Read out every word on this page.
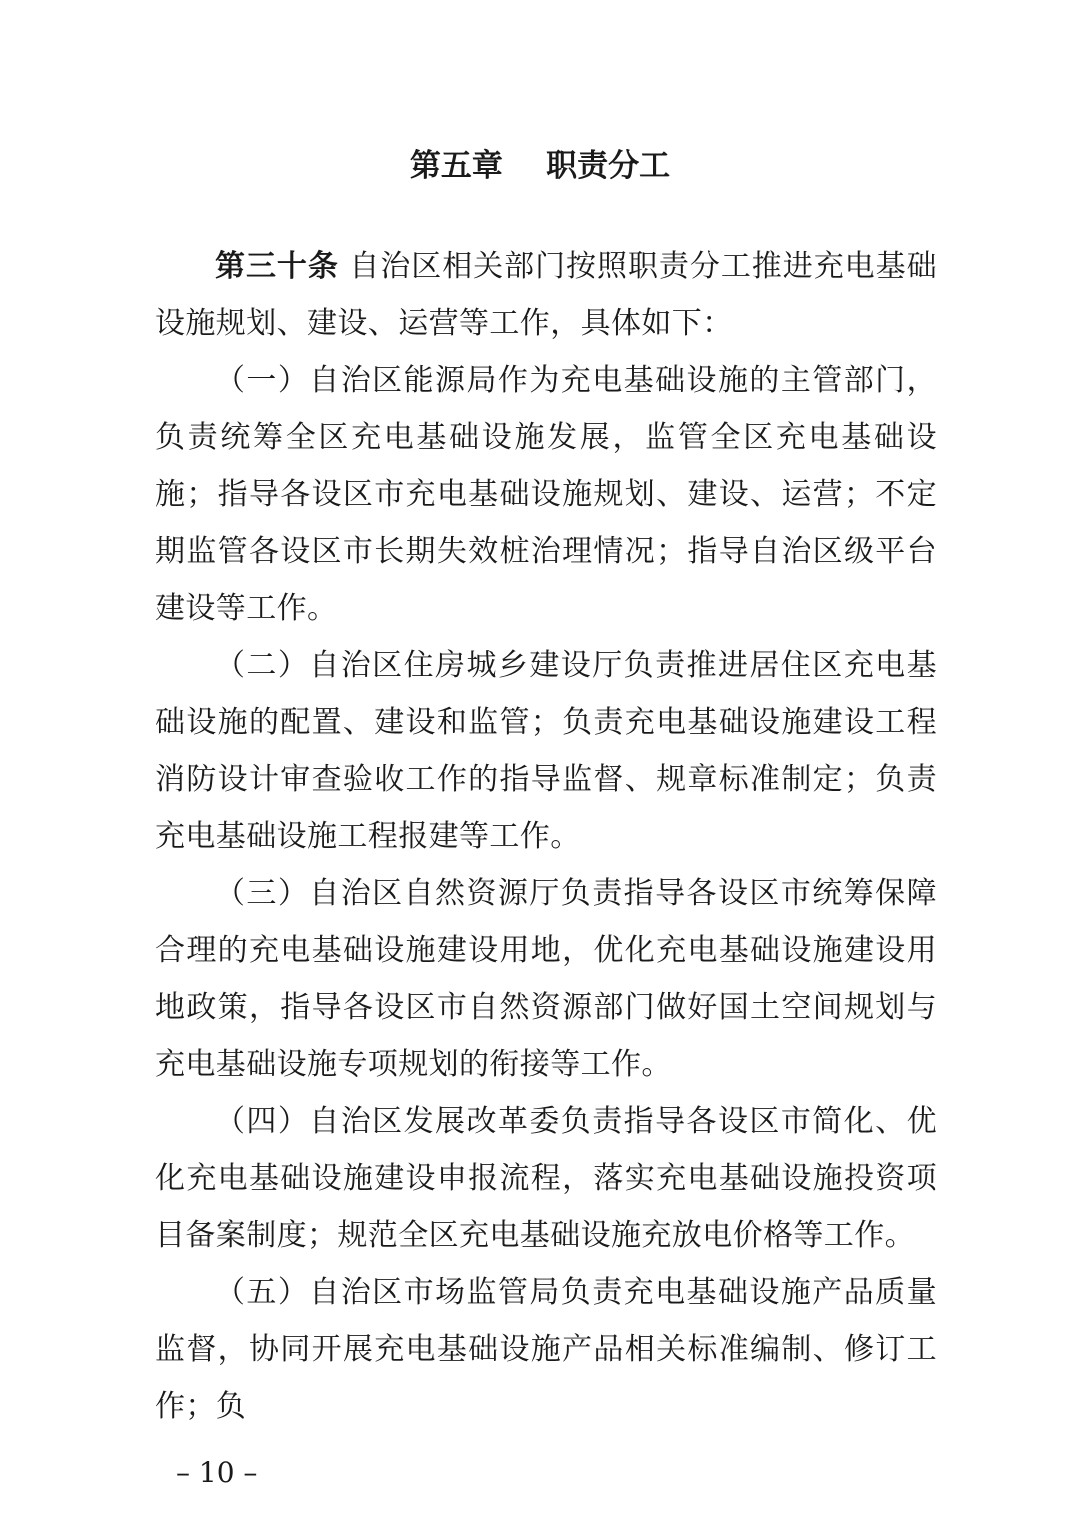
第五章    职责分工

第三十条 自治区相关部门按照职责分工推进充电基础设施规划、建设、运营等工作，具体如下：

（一）自治区能源局作为充电基础设施的主管部门，负责统筹全区充电基础设施发展，监管全区充电基础设施；指导各设区市充电基础设施规划、建设、运营；不定期监管各设区市长期失效桩治理情况；指导自治区级平台建设等工作。

（二）自治区住房城乡建设厅负责推进居住区充电基础设施的配置、建设和监管；负责充电基础设施建设工程消防设计审查验收工作的指导监督、规章标准制定；负责充电基础设施工程报建等工作。

（三）自治区自然资源厅负责指导各设区市统筹保障合理的充电基础设施建设用地，优化充电基础设施建设用地政策，指导各设区市自然资源部门做好国土空间规划与充电基础设施专项规划的衔接等工作。

（四）自治区发展改革委负责指导各设区市简化、优化充电基础设施建设申报流程，落实充电基础设施投资项目备案制度；规范全区充电基础设施充放电价格等工作。

（五）自治区市场监管局负责充电基础设施产品质量监督，协同开展充电基础设施产品相关标准编制、修订工作；负

– 10 –
